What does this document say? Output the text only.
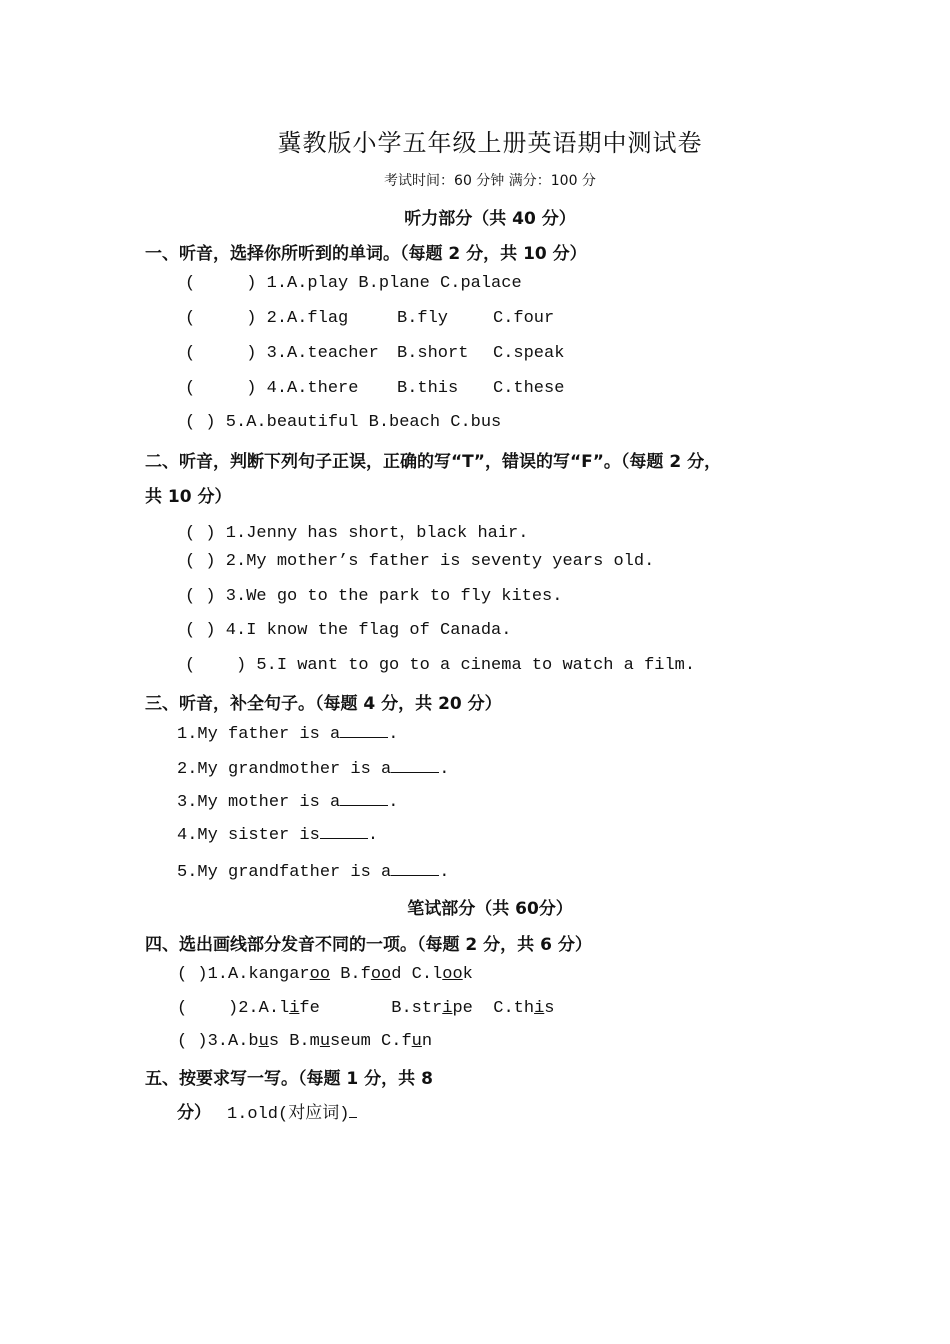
冀教版小学五年级上册英语期中测试卷
考试时间：60 分钟 满分：100 分
听力部分（共 40 分）
一、听音，选择你所听到的单词。（每题 2 分，共 10 分）
(     ) 1.A.play B.plane C.palace
(     ) 2.A.flag	B.fly	C.four
(     ) 3.A.teacher B.short C.speak
(     ) 4.A.there B.this C.these
( ) 5.A.beautiful B.beach C.bus
二、听音，判断下列句子正误，正确的写“T”，错误的写“F”。（每题 2 分，
共 10 分）
( ) 1.Jenny has short，black hair.
( ) 2.My mother’s father is seventy years old.
( ) 3.We go to the park to fly kites.
( ) 4.I know the flag of Canada.
(    ) 5.I want to go to a cinema to watch a film.
三、听音，补全句子。（每题 4 分，共 20 分）
1.My father is a	.
2.My grandmother is a	.
3.My mother is a	.
4.My sister is	.
5.My grandfather is a	.
笔试部分（共 60分）
四、选出画线部分发音不同的一项。（每题 2 分，共 6 分）
( )1.A.kangaroo B.food C.look
(    )2.A.life       B.stripe  C.this
( )3.A.bus B.museum C.fun
五、按要求写一写。（每题 1 分，共 8
分） 1.old(对应词)
